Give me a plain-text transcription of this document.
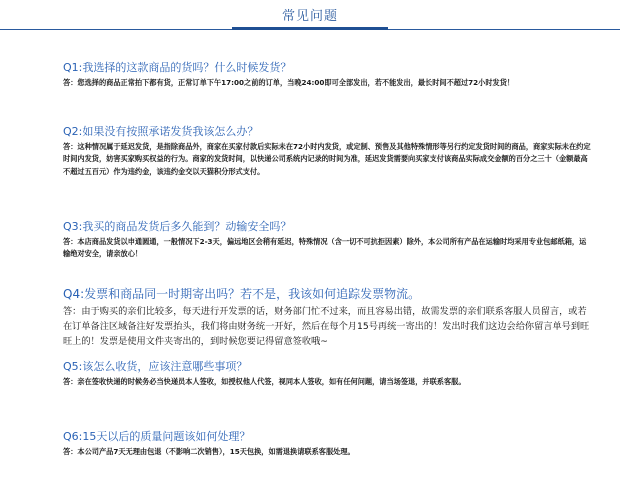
常见问题

Q1:我选择的这款商品的货吗？什么时候发货？

答：您选择的商品正常拍下都有货，正常订单下午17:00之前的订单，当晚24:00即可全部发出，若不能发出，最长时间不超过72小时发货！

Q2:如果没有按照承诺发货我该怎么办？

答：这种情况属于延迟发货，是指除商品外，商家在买家付款后实际未在72小时内发货，或定制、预售及其他特殊情形等另行约定发货时间的商品，商家实际未在约定时间内发货，妨害买家购买权益的行为。商家的发货时间，以快递公司系统内记录的时间为准，延迟发货需要向买家支付该商品实际成交金额的百分之三十（金额最高不超过五百元）作为违约金，该违约金交以天猫积分形式支付。

Q3:我买的商品发货后多久能到？动输安全吗？

答：本店商品发货以申通圆通，一般情况下2-3天，偏远地区会稍有延迟，特殊情况（含一切不可抗拒因素）除外，本公司所有产品在运输时均采用专业包邮纸箱，运输绝对安全，请亲放心！

Q4:发票和商品同一时期寄出吗？若不是，我该如何追踪发票物流。

答：由于购买的亲们比较多，每天进行开发票的话，财务部门忙不过来，而且容易出错，故需发票的亲们联系客服人员留言，或若在订单备注区域备注好发票抬头，我们将由财务统一开好，然后在每个月15号再统一寄出的！发出时我们这边会给你留言单号到旺旺上的！发票是使用文件夹寄出的，到时候您要记得留意签收哦~

Q5:该怎么收货，应该注意哪些事项？

答：亲在签收快递的时候务必当快递员本人签收，如授权他人代签，视同本人签收，如有任何问题，请当场签退，并联系客服。

Q6:15天以后的质量问题该如何处理？

答：本公司产品7天无理由包退（不影响二次销售），15天包换，如需退换请联系客服处理。
